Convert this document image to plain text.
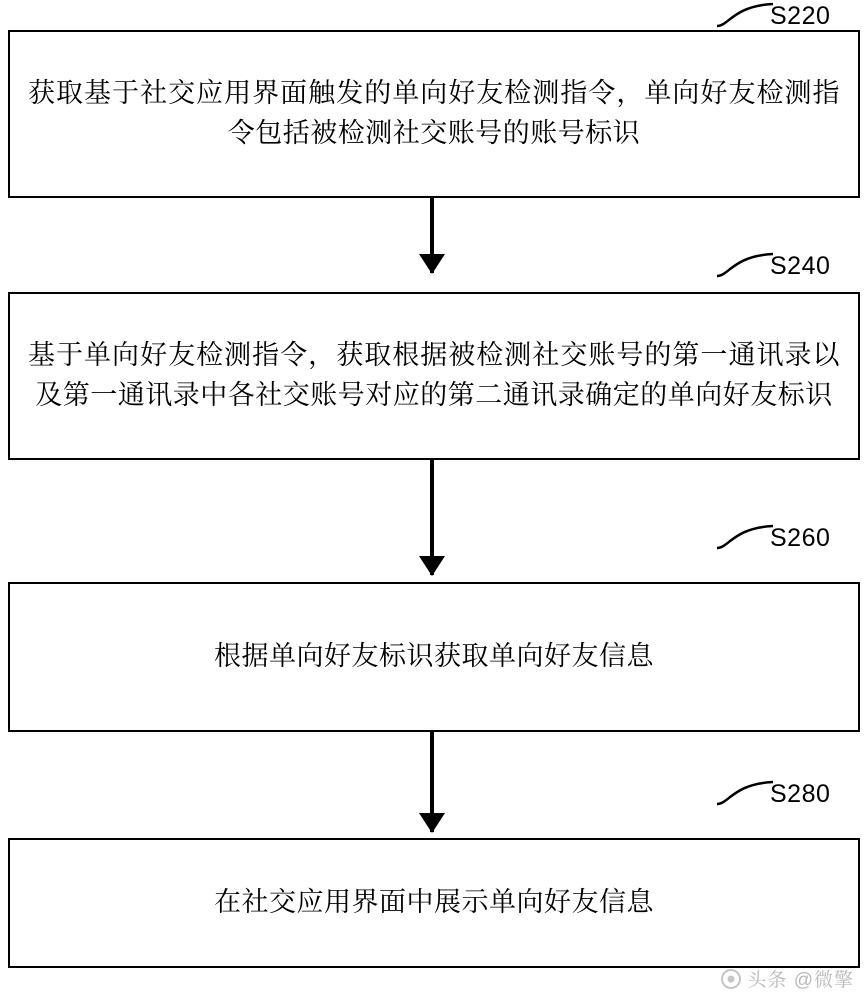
S220
获取基于社交应用界面触发的单向好友检测指令，单向好友检测指令包括被检测社交账号的账号标识
S240
基于单向好友检测指令，获取根据被检测社交账号的第一通讯录以及第一通讯录中各社交账号对应的第二通讯录确定的单向好友标识
S260
根据单向好友标识获取单向好友信息
S280
在社交应用界面中展示单向好友信息
头条 @微擎
